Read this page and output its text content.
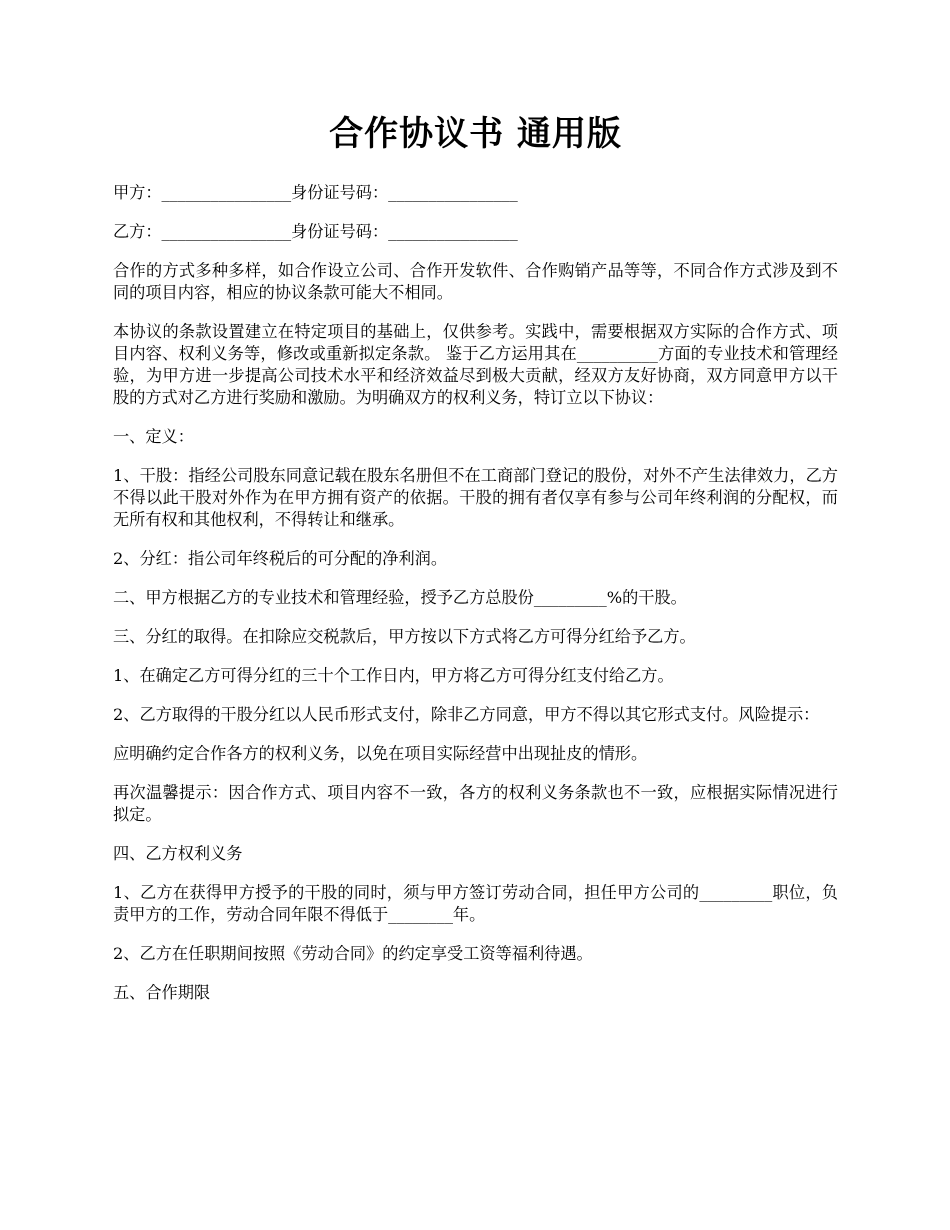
合作协议书 通用版

甲方：________________身份证号码：________________

乙方：________________身份证号码：________________

合作的方式多种多样，如合作设立公司、合作开发软件、合作购销产品等等，不同合作方式涉及到不同的项目内容，相应的协议条款可能大不相同。

本协议的条款设置建立在特定项目的基础上，仅供参考。实践中，需要根据双方实际的合作方式、项目内容、权利义务等，修改或重新拟定条款。 鉴于乙方运用其在__________方面的专业技术和管理经验，为甲方进一步提高公司技术水平和经济效益尽到极大贡献，经双方友好协商，双方同意甲方以干股的方式对乙方进行奖励和激励。为明确双方的权利义务，特订立以下协议：

一、定义：

1、干股：指经公司股东同意记载在股东名册但不在工商部门登记的股份，对外不产生法律效力，乙方不得以此干股对外作为在甲方拥有资产的依据。干股的拥有者仅享有参与公司年终利润的分配权，而无所有权和其他权利，不得转让和继承。

2、分红：指公司年终税后的可分配的净利润。

二、甲方根据乙方的专业技术和管理经验，授予乙方总股份_________%的干股。

三、分红的取得。在扣除应交税款后，甲方按以下方式将乙方可得分红给予乙方。

1、在确定乙方可得分红的三十个工作日内，甲方将乙方可得分红支付给乙方。

2、乙方取得的干股分红以人民币形式支付，除非乙方同意，甲方不得以其它形式支付。风险提示：

应明确约定合作各方的权利义务，以免在项目实际经营中出现扯皮的情形。

再次温馨提示：因合作方式、项目内容不一致，各方的权利义务条款也不一致，应根据实际情况进行拟定。

四、乙方权利义务

1、乙方在获得甲方授予的干股的同时，须与甲方签订劳动合同，担任甲方公司的_________职位，负责甲方的工作，劳动合同年限不得低于________年。

2、乙方在任职期间按照《劳动合同》的约定享受工资等福利待遇。

五、合作期限
